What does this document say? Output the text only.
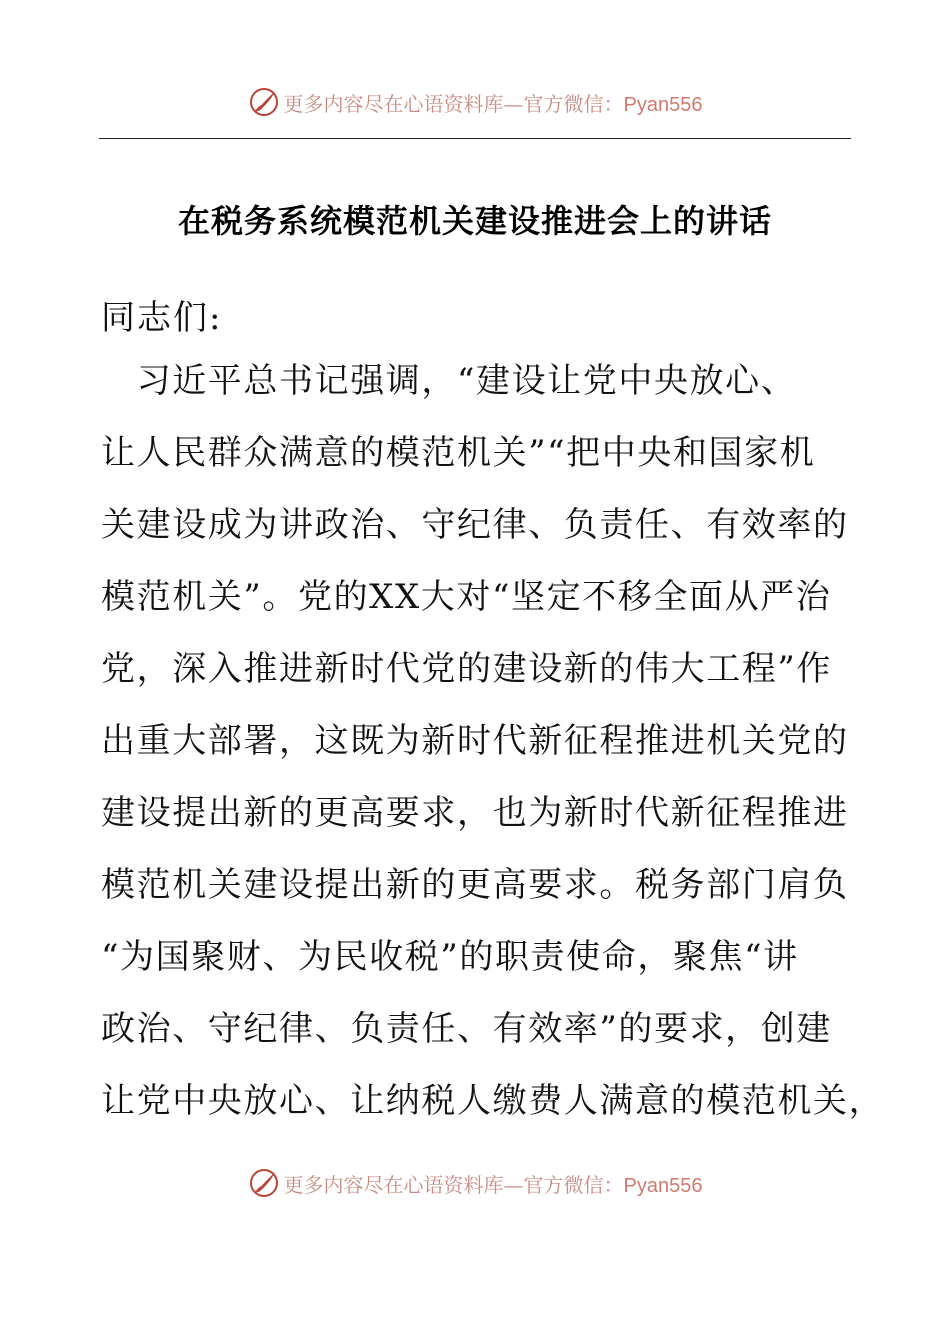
更多内容尽在心语资料库—官方微信：Pyan556
在税务系统模范机关建设推进会上的讲话
同志们:
　习近平总书记强调，“建设让党中央放心、
让人民群众满意的模范机关”“把中央和国家机
关建设成为讲政治、守纪律、负责任、有效率的
模范机关”。党的XX大对“坚定不移全面从严治
党，深入推进新时代党的建设新的伟大工程”作
出重大部署，这既为新时代新征程推进机关党的
建设提出新的更高要求，也为新时代新征程推进
模范机关建设提出新的更高要求。税务部门肩负
“为国聚财、为民收税”的职责使命，聚焦“讲
政治、守纪律、负责任、有效率”的要求，创建
让党中央放心、让纳税人缴费人满意的模范机关，
更多内容尽在心语资料库—官方微信：Pyan556
